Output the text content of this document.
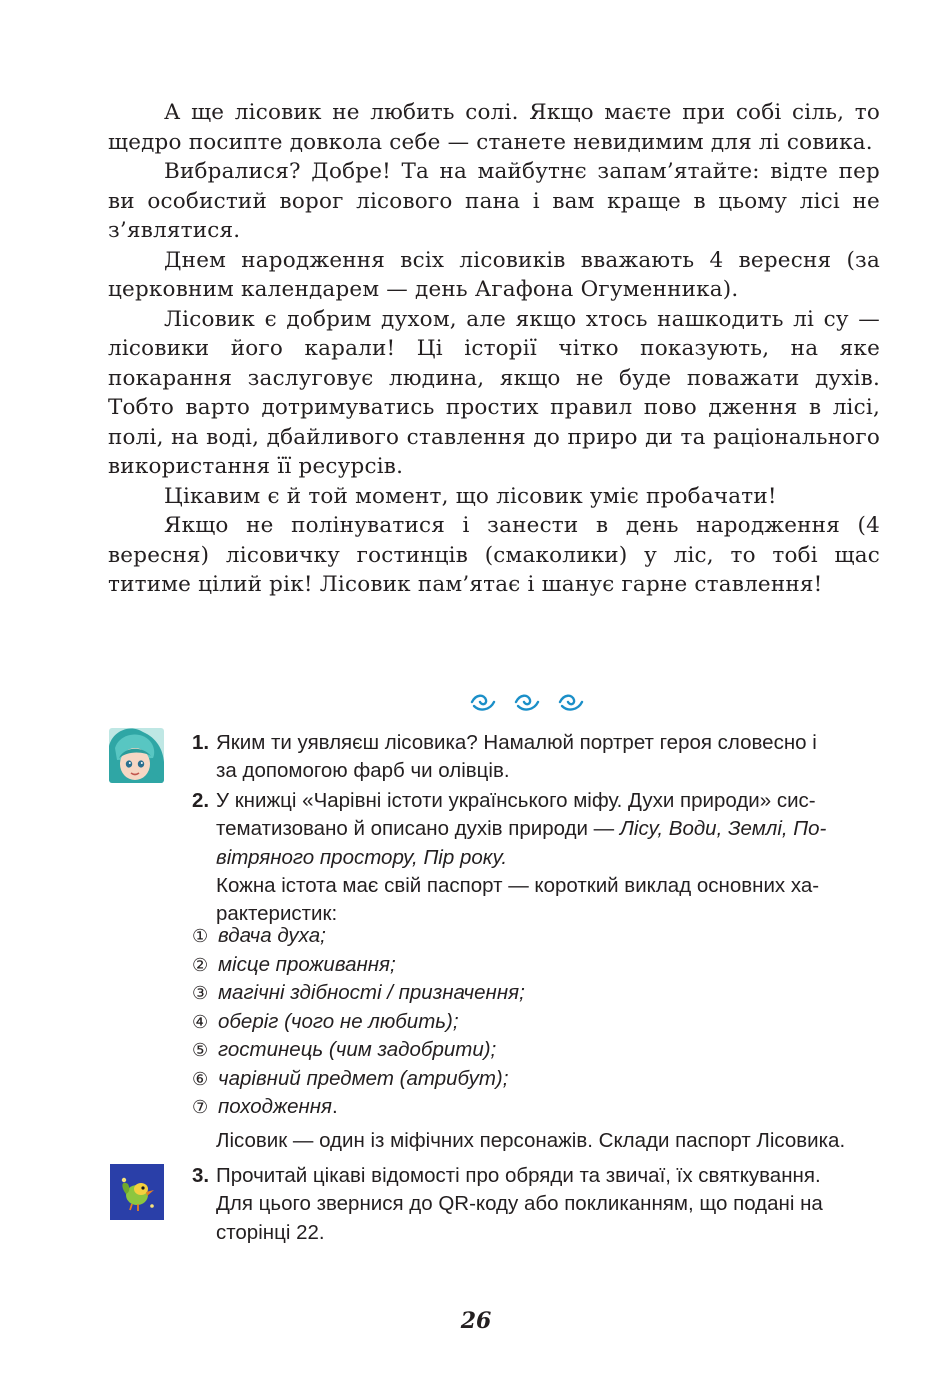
А ще лісовик не любить солі. Якщо маєте при собі сіль, то щедро посипте довкола себе — станете невидимим для лі совика.

Вибралися? Добре! Та на майбутнє запам’ятайте: відте пер ви особистий ворог лісового пана і вам краще в цьому лісі не з’являтися.

Днем народження всіх лісовиків вважають 4 вересня (за церковним календарем — день Агафона Огуменника).

Лісовик є добрим духом, але якщо хтось нашкодить лі су — лісовики його карали! Ці історії чітко показують, на яке покарання заслуговує людина, якщо не буде поважати духів. Тобто варто дотримуватись простих правил пово дження в лісі, полі, на воді, дбайливого ставлення до приро ди та раціонального використання її ресурсів.

Цікавим є й той момент, що лісовик уміє пробачати!

Якщо не полінуватися і занести в день народження (4 вересня) лісовичку гостинців (смаколики) у ліс, то тобі щас титиме цілий рік! Лісовик пам’ятає і шанує гарне ставлення!

1. Яким ти уявляєш лісовика? Намалюй портрет героя словесно і
за допомогою фарб чи олівців.
2. У книжці «Чарівні істоти українського міфу. Духи природи» сис-
тематизовано й описано духів природи — Лісу, Води, Землі, По-
вітряного простору, Пір року.
Кожна істота має свій паспорт — короткий виклад основних ха-
рактеристик:
① вдача духа;
② місце проживання;
③ магічні здібності / призначення;
④ оберіг (чого не любить);
⑤ гостинець (чим задобрити);
⑥ чарівний предмет (атрибут);
⑦ походження.
Лісовик — один із міфічних персонажів. Склади паспорт Лісовика.
3. Прочитай цікаві відомості про обряди та звичаї, їх святкування.
Для цього звернися до QR-коду або покликанням, що подані на
сторінці 22.
26
